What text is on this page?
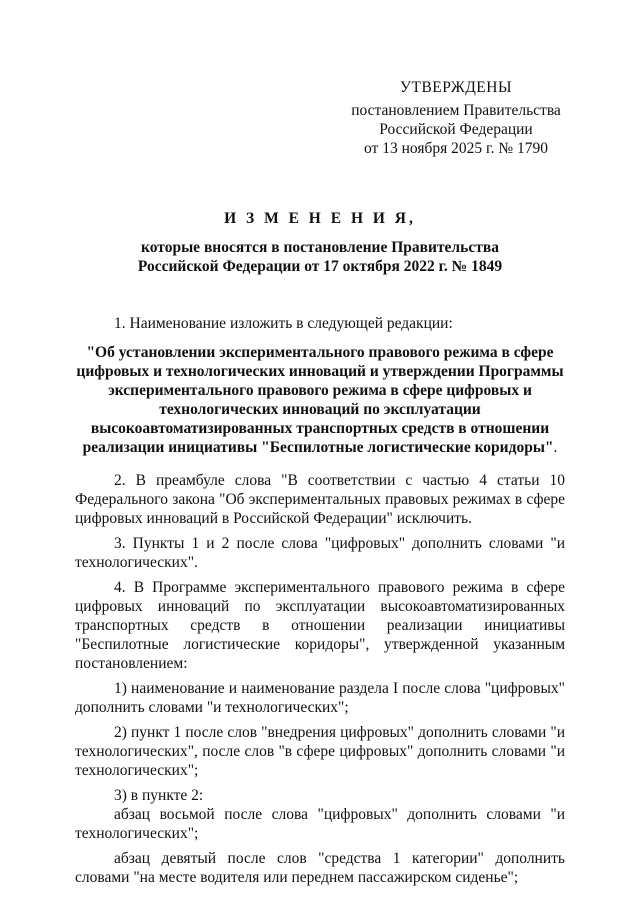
УТВЕРЖДЕНЫ
постановлением Правительства
Российской Федерации
от 13 ноября 2025 г. № 1790
И З М Е Н Е Н И Я,
которые вносятся в постановление Правительства
Российской Федерации от 17 октября 2022 г. № 1849

1. Наименование изложить в следующей редакции:

"Об установлении экспериментального правового режима в сфере цифровых и технологических инноваций и утверждении Программы экспериментального правового режима в сфере цифровых и технологических инноваций по эксплуатации высокоавтоматизированных транспортных средств в отношении реализации инициативы "Беспилотные логистические коридоры".

2. В преамбуле слова "В соответствии с частью 4 статьи 10 Федерального закона "Об экспериментальных правовых режимах в сфере цифровых инноваций в Российской Федерации" исключить.

3. Пункты 1 и 2 после слова "цифровых" дополнить словами "и технологических".

4. В Программе экспериментального правового режима в сфере цифровых инноваций по эксплуатации высокоавтоматизированных транспортных средств в отношении реализации инициативы "Беспилотные логистические коридоры", утвержденной указанным постановлением:

1) наименование и наименование раздела I после слова "цифровых" дополнить словами "и технологических";

2) пункт 1 после слов "внедрения цифровых" дополнить словами "и технологических", после слов "в сфере цифровых" дополнить словами "и технологических";

3) в пункте 2:

абзац восьмой после слова "цифровых" дополнить словами "и технологических";

абзац девятый после слов "средства 1 категории" дополнить словами "на месте водителя или переднем пассажирском сиденье";
